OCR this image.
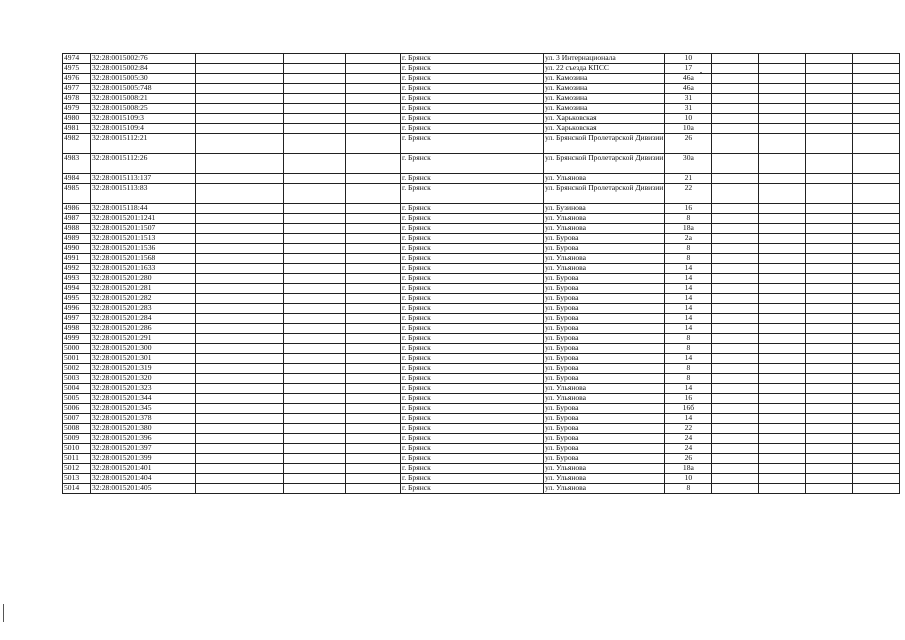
4974	32:28:0015002:76				г. Брянск	ул. 3 Интернационала	10				
4975	32:28:0015002:84				г. Брянск	ул. 22 съезда КПСС	17				
4976	32:28:0015005:30				г. Брянск	ул. Камозина	46а				
4977	32:28:0015005:748				г. Брянск	ул. Камозина	46а				
4978	32:28:0015008:21				г. Брянск	ул. Камозина	31				
4979	32:28:0015008:25				г. Брянск	ул. Камозина	31				
4980	32:28:0015109:3				г. Брянск	ул. Харьковская	10				
4981	32:28:0015109:4				г. Брянск	ул. Харьковская	10а				
4982	32:28:0015112:21				г. Брянск	ул. Брянской Пролетарской Дивизии	26				
4983	32:28:0015112:26				г. Брянск	ул. Брянской Пролетарской Дивизии	30а				
4984	32:28:0015113:137				г. Брянск	ул. Ульянова	21				
4985	32:28:0015113:83				г. Брянск	ул. Брянской Пролетарской Дивизии	22				
4986	32:28:0015118:44				г. Брянск	ул. Бузинова	16				
4987	32:28:0015201:1241				г. Брянск	ул. Ульянова	8				
4988	32:28:0015201:1507				г. Брянск	ул. Ульянова	18а				
4989	32:28:0015201:1513				г. Брянск	ул. Бурова	2а				
4990	32:28:0015201:1536				г. Брянск	ул. Бурова	8				
4991	32:28:0015201:1568				г. Брянск	ул. Ульянова	8				
4992	32:28:0015201:1633				г. Брянск	ул. Ульянова	14				
4993	32:28:0015201:280				г. Брянск	ул. Бурова	14				
4994	32:28:0015201:281				г. Брянск	ул. Бурова	14				
4995	32:28:0015201:282				г. Брянск	ул. Бурова	14				
4996	32:28:0015201:283				г. Брянск	ул. Бурова	14				
4997	32:28:0015201:284				г. Брянск	ул. Бурова	14				
4998	32:28:0015201:286				г. Брянск	ул. Бурова	14				
4999	32:28:0015201:291				г. Брянск	ул. Бурова	8				
5000	32:28:0015201:300				г. Брянск	ул. Бурова	8				
5001	32:28:0015201:301				г. Брянск	ул. Бурова	14				
5002	32:28:0015201:319				г. Брянск	ул. Бурова	8				
5003	32:28:0015201:320				г. Брянск	ул. Бурова	8				
5004	32:28:0015201:323				г. Брянск	ул. Ульянова	14				
5005	32:28:0015201:344				г. Брянск	ул. Ульянова	16				
5006	32:28:0015201:345				г. Брянск	ул. Бурова	16б				
5007	32:28:0015201:378				г. Брянск	ул. Бурова	14				
5008	32:28:0015201:380				г. Брянск	ул. Бурова	22				
5009	32:28:0015201:396				г. Брянск	ул. Бурова	24				
5010	32:28:0015201:397				г. Брянск	ул. Бурова	24				
5011	32:28:0015201:399				г. Брянск	ул. Бурова	26				
5012	32:28:0015201:401				г. Брянск	ул. Ульянова	18а				
5013	32:28:0015201:404				г. Брянск	ул. Ульянова	10				
5014	32:28:0015201:405				г. Брянск	ул. Ульянова	8				
